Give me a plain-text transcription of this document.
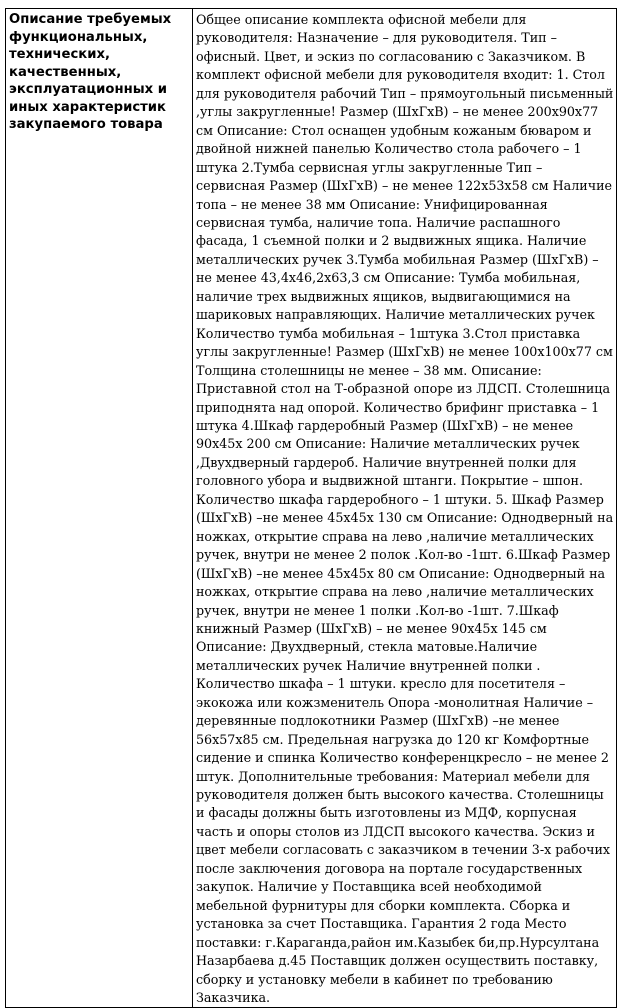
Описание требуемых функциональных, технических, качественных, эксплуатационных и иных характеристик закупаемого товара	Общее описание комплекта офисной мебели для руководителя: Назначение – для руководителя. Тип – офисный. Цвет, и эскиз по согласованию с Заказчиком. В комплект офисной мебели для руководителя входит: 1. Стол для руководителя рабочий Тип – прямоугольный письменный ,углы закругленные! Размер (ШхГхВ) – не менее 200х90х77 см Описание: Стол оснащен удобным кожаным бюваром и двойной нижней панелью Количество стола рабочего – 1 штука 2.Тумба сервисная углы закругленные Тип – сервисная Размер (ШхГхВ) – не менее 122х53х58 см Наличие топа – не менее 38 мм Описание: Унифицированная сервисная тумба, наличие топа. Наличие распашного фасада, 1 съемной полки и 2 выдвижных ящика. Наличие металлических ручек 3.Тумба мобильная Размер (ШхГхВ) – не менее 43,4х46,2х63,3 см Описание: Тумба мобильная, наличие трех выдвижных ящиков, выдвигающимися на шариковых направляющих. Наличие металлических ручек Количество тумба мобильная – 1штука 3.Стол приставка углы закругленные! Размер (ШхГхВ) не менее 100х100х77 см Толщина столешницы не менее – 38 мм. Описание: Приставной стол на Т-образной опоре из ЛДСП. Столешница приподнята над опорой. Количество брифинг приставка – 1 штука 4.Шкаф гардеробный Размер (ШхГхВ) – не менее 90х45х 200 см Описание: Наличие металлических ручек ,Двухдверный гардероб. Наличие внутренней полки для головного убора и выдвижной штанги. Покрытие – шпон. Количество шкафа гардеробного – 1 штуки. 5. Шкаф Размер (ШхГхВ) –не менее 45х45х 130 см Описание: Однодверный на ножках, открытие справа на лево ,наличие металлических ручек, внутри не менее 2 полок .Кол-во -1шт. 6.Шкаф Размер (ШхГхВ) –не менее 45х45х 80 см Описание: Однодверный на ножках, открытие справа на лево ,наличие металлических ручек, внутри не менее 1 полки .Кол-во -1шт. 7.Шкаф книжный Размер (ШхГхВ) – не менее 90х45х 145 см Описание: Двухдверный, стекла матовые.Наличие металлических ручек Наличие внутренней полки . Количество шкафа – 1 штуки. кресло для посетителя – экокожа или кожзменитель Опора -монолитная Наличие – деревянные подлокотники Размер (ШхГхВ) –не менее 56х57х85 см. Предельная нагрузка до 120 кг Комфортные сидение и спинка Количество конференцкресло – не менее 2 штук. Дополнительные требования: Материал мебели для руководителя должен быть высокого качества. Столешницы и фасады должны быть изготовлены из МДФ, корпусная часть и опоры столов из ЛДСП высокого качества. Эскиз и цвет мебели согласовать с заказчиком в течении 3-х рабочих после заключения договора на портале государственных закупок. Наличие у Поставщика всей необходимой мебельной фурнитуры для сборки комплекта. Сборка и установка за счет Поставщика. Гарантия 2 года Место поставки: г.Караганда,район им.Казыбек би,пр.Нурсултана Назарбаева д.45 Поставщик должен осуществить поставку, сборку и установку мебели в кабинет по требованию Заказчика.
